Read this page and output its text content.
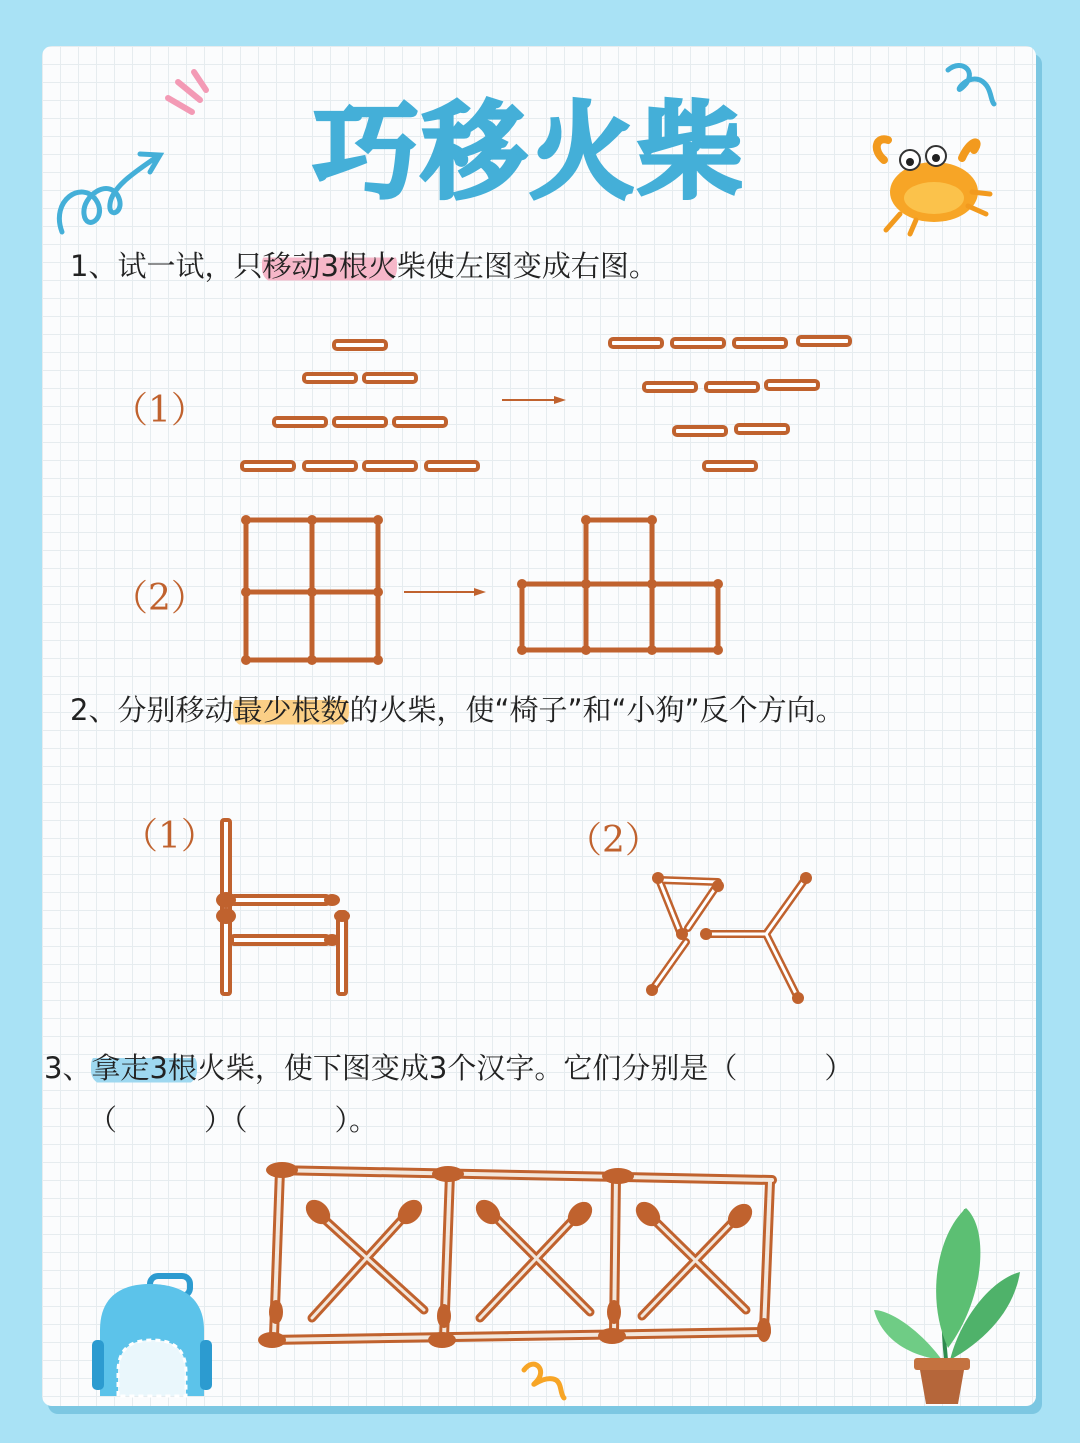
巧移火柴
1、试一试，只移动3根火柴使左图变成右图。
（1）
（2）
2、分别移动最少根数的火柴，使“椅子”和“小狗”反个方向。
（1）	（2）
3、拿走3根火柴，使下图变成3个汉字。它们分别是（　　　）
（　　　）（　　　）。
